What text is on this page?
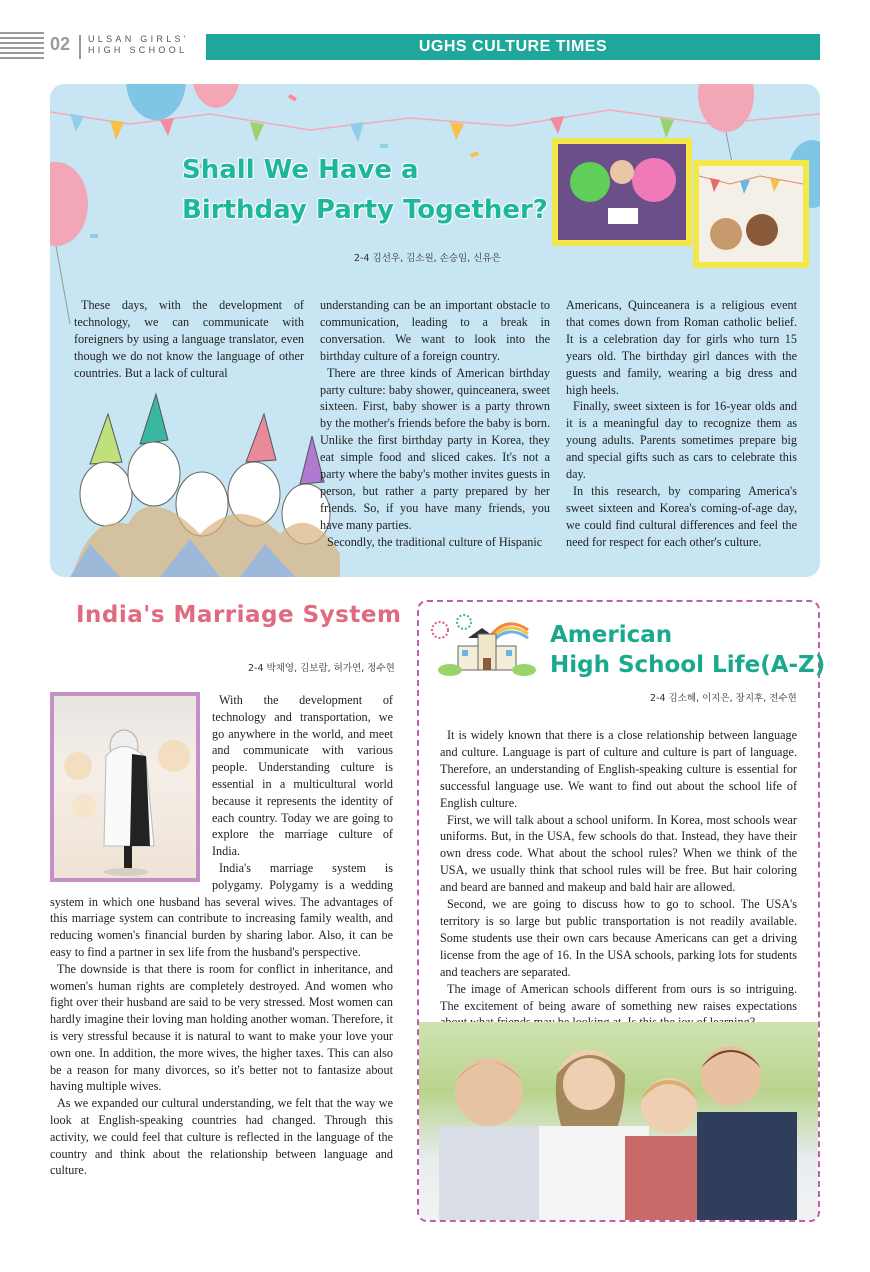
02 ULSAN GIRLS'
HIGH SCHOOL	UGHS CULTURE TIMES
Shall We Have a
Birthday Party Together?
2-4 김선우, 김소원, 손승임, 신유은

These days, with the development of technology, we can communicate with foreigners by using a language translator, even though we do not know the language of other countries. But a lack of cultural

understanding can be an important obstacle to communication, leading to a break in conversation. We want to look into the birthday culture of a foreign country.

There are three kinds of American birthday party culture: baby shower, quinceanera, sweet sixteen. First, baby shower is a party thrown by the mother's friends before the baby is born. Unlike the first birthday party in Korea, they eat simple food and sliced cakes. It's not a party where the baby's mother invites guests in person, but rather a party prepared by her friends. So, if you have many friends, you have many parties.

Secondly, the traditional culture of Hispanic

Americans, Quinceanera is a religious event that comes down from Roman catholic belief. It is a celebration day for girls who turn 15 years old. The birthday girl dances with the guests and family, wearing a big dress and high heels.

Finally, sweet sixteen is for 16-year olds and it is a meaningful day to recognize them as young adults. Parents sometimes prepare big and special gifts such as cars to celebrate this day.

In this research, by comparing America's sweet sixteen and Korea's coming-of-age day, we could find cultural differences and feel the need for respect for each other's culture.

India's Marriage System
2-4 박채영, 김보람, 허가연, 정수현

With the development of technology and transportation, we go anywhere in the world, and meet and communicate with various people. Understanding culture is essential in a multicultural world because it represents the identity of each country. Today we are going to explore the marriage culture of India.

India's marriage system is polygamy. Polygamy is a wedding system in which one husband has several wives. The advantages of this marriage system can contribute to increasing family wealth, and reducing women's financial burden by sharing labor. Also, it can be easy to find a partner in sex life from the husband's perspective.

The downside is that there is room for conflict in inheritance, and women's human rights are completely destroyed. And women who fight over their husband are said to be very stressed. Most women can hardly imagine their loving man holding another woman. Therefore, it is very stressful because it is natural to want to make your love your own one. In addition, the more wives, the higher taxes. This can also be a reason for many divorces, so it's better not to fantasize about having multiple wives.

As we expanded our cultural understanding, we felt that the way we look at English-speaking countries had changed. Through this activity, we could feel that culture is reflected in the language of the country and think about the relationship between language and culture.

American
High School Life(A-Z)
2-4 김소혜, 이지은, 장지후, 전수현

It is widely known that there is a close relationship between language and culture. Language is part of culture and culture is part of language. Therefore, an understanding of English-speaking culture is essential for successful language use. We want to find out about the school life of English culture.

First, we will talk about a school uniform. In Korea, most schools wear uniforms. But, in the USA, few schools do that. Instead, they have their own dress code. What about the school rules? When we think of the USA, we usually think that school rules will be free. But hair coloring and beard are banned and makeup and bald hair are allowed.

Second, we are going to discuss how to go to school. The USA's territory is so large but public transportation is not readily available. Some students use their own cars because Americans can get a driving license from the age of 16. In the USA schools, parking lots for students and teachers are separated.

The image of American schools different from ours is so intriguing. The excitement of being aware of something new raises expectations
